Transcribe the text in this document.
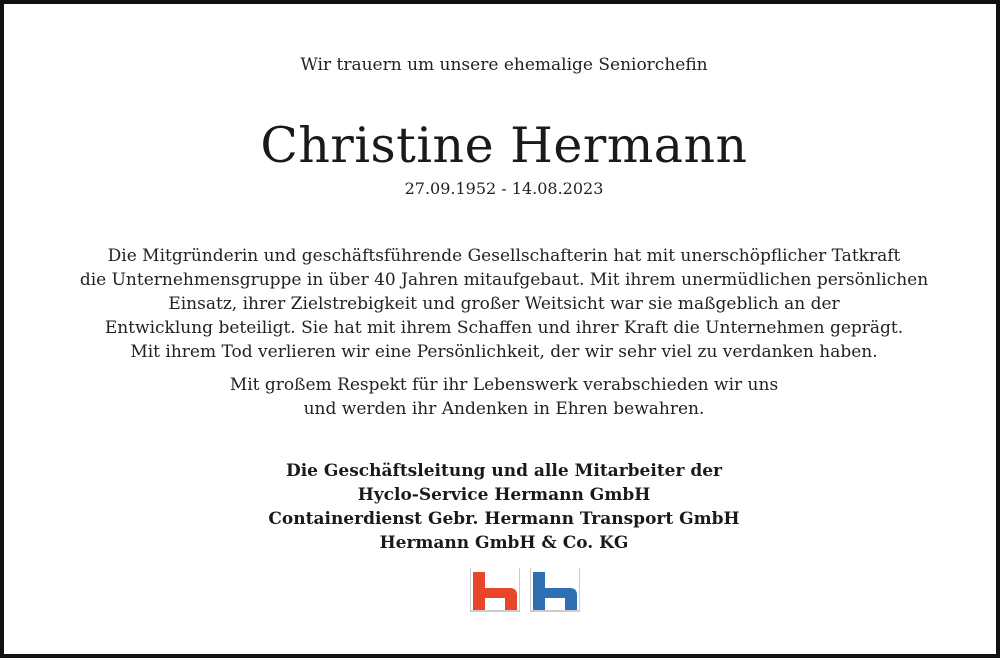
Wir trauern um unsere ehemalige Seniorchefin
Christine Hermann
27.09.1952 - 14.08.2023
Die Mitgründerin und geschäftsführende Gesellschafterin hat mit unerschöpflicher Tatkraft
die Unternehmensgruppe in über 40 Jahren mitaufgebaut. Mit ihrem unermüdlichen persönlichen
Einsatz, ihrer Zielstrebigkeit und großer Weitsicht war sie maßgeblich an der
Entwicklung beteiligt. Sie hat mit ihrem Schaffen und ihrer Kraft die Unternehmen geprägt.
Mit ihrem Tod verlieren wir eine Persönlichkeit, der wir sehr viel zu verdanken haben.
Mit großem Respekt für ihr Lebenswerk verabschieden wir uns
und werden ihr Andenken in Ehren bewahren.
Die Geschäftsleitung und alle Mitarbeiter der
Hyclo-Service Hermann GmbH
Containerdienst Gebr. Hermann Transport GmbH
Hermann GmbH & Co. KG
